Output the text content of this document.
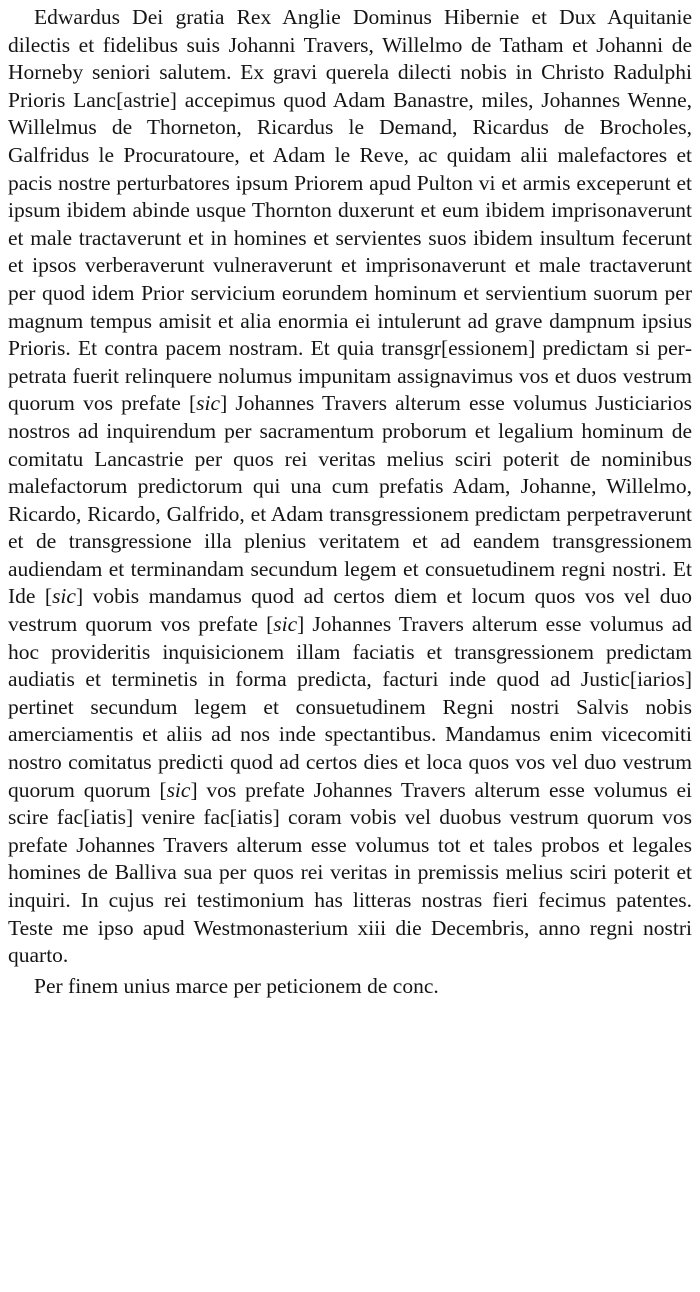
Edwardus Dei gratia Rex Anglie Dominus Hibernie et Dux Aquitanie dilectis et fidelibus suis Johanni Travers, Willelmo de Tatham et Johanni de Horneby seniori salutem. Ex gravi querela dilecti nobis in Christo Radulphi Prioris Lanc[astrie] accepimus quod Adam Banastre, miles, Johannes Wenne, Willelmus de Thorneton, Ricardus le Demand, Ricardus de Brocholes, Galfridus le Procuratoure, et Adam le Reve, ac quidam alii malefactores et pacis nostre perturbatores ipsum Priorem apud Pulton vi et armis exceperunt et ipsum ibidem abinde usque Thornton duxerunt et eum ibidem imprisonaverunt et male tractaverunt et in homines et servientes suos ibidem insultum fecerunt et ipsos verberaverunt vulneraverunt et imprisonaverunt et male tractaverunt per quod idem Prior servicium eorundem hominum et servientium suorum per magnum tempus amisit et alia enormia ei intulerunt ad grave dampnum ipsius Prioris. Et contra pacem nostram. Et quia transgr[essionem] predictam si perpetrata fuerit relinquere nolumus impunitam assignavimus vos et duos vestrum quorum vos prefate [sic] Johannes Travers alterum esse volumus Justiciarios nostros ad inquirendum per sacramentum proborum et legalium hominum de comitatu Lancastrie per quos rei veritas melius sciri poterit de nominibus malefactorum predictorum qui una cum prefatis Adam, Johanne, Willelmo, Ricardo, Ricardo, Galfrido, et Adam transgressionem predictam perpetraverunt et de transgressione illa plenius veritatem et ad eandem transgressionem audiendam et terminandam secundum legem et consuetudinem regni nostri. Et Ide [sic] vobis mandamus quod ad certos diem et locum quos vos vel duo vestrum quorum vos prefate [sic] Johannes Travers alterum esse volumus ad hoc provideritis inquisicionem illam faciatis et transgressionem predictam audiatis et terminetis in forma predicta, facturi inde quod ad Justic[iarios] pertinet secundum legem et consuetudinem Regni nostri Salvis nobis amerciamentis et aliis ad nos inde spectantibus. Mandamus enim vicecomiti nostro comitatus predicti quod ad certos dies et loca quos vos vel duo vestrum quorum quorum [sic] vos prefate Johannes Travers alterum esse volumus ei scire fac[iatis] venire fac[iatis] coram vobis vel duobus vestrum quorum vos prefate Johannes Travers alterum esse volumus tot et tales probos et legales homines de Balliva sua per quos rei veritas in premissis melius sciri poterit et inquiri. In cujus rei testimonium has litteras nostras fieri fecimus patentes. Teste me ipso apud Westmonasterium xiii die Decembris, anno regni nostri quarto.

Per finem unius marce per peticionem de conc.
